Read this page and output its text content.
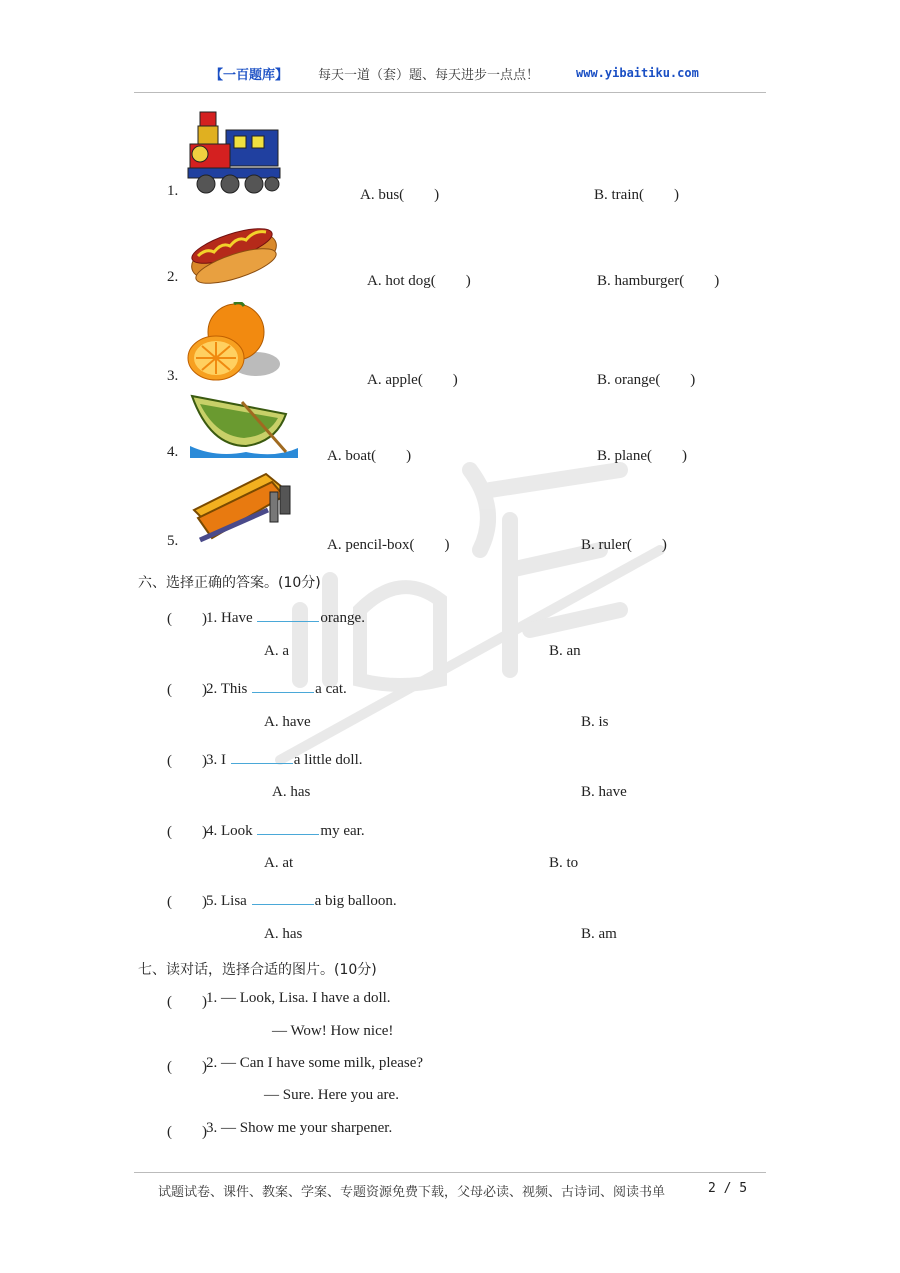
【一百题库】 每天一道（套）题、每天进步一点点！	www.yibaitiku.com
1.	A. bus(　　)	B. train(　　)
2.	A. hot dog(　　)	B. hamburger(　　)
3.	A. apple(　　)	B. orange(　　)
4.	A. boat(　　)	B. plane(　　)
5.	A. pencil-box(　　)	B. ruler(　　)
六、选择正确的答案。(10分)
(　　) 1. Have	orange.
A. a	B. an
(　　) 2. This	a cat.
A. have	B. is
(　　) 3. I	a little doll.
A. has	B. have
(　　) 4. Look	my ear.
A. at	B. to
(　　) 5. Lisa	a big balloon.
A. has	B. am
七、读对话，选择合适的图片。(10分)
(　　) 1. — Look, Lisa. I have a doll.
— Wow! How nice!
(　　) 2. — Can I have some milk, please?
— Sure. Here you are.
(　　) 3. — Show me your sharpener.
试题试卷、课件、教案、学案、专题资源免费下载，父母必读、视频、古诗词、阅读书单	2 / 5
